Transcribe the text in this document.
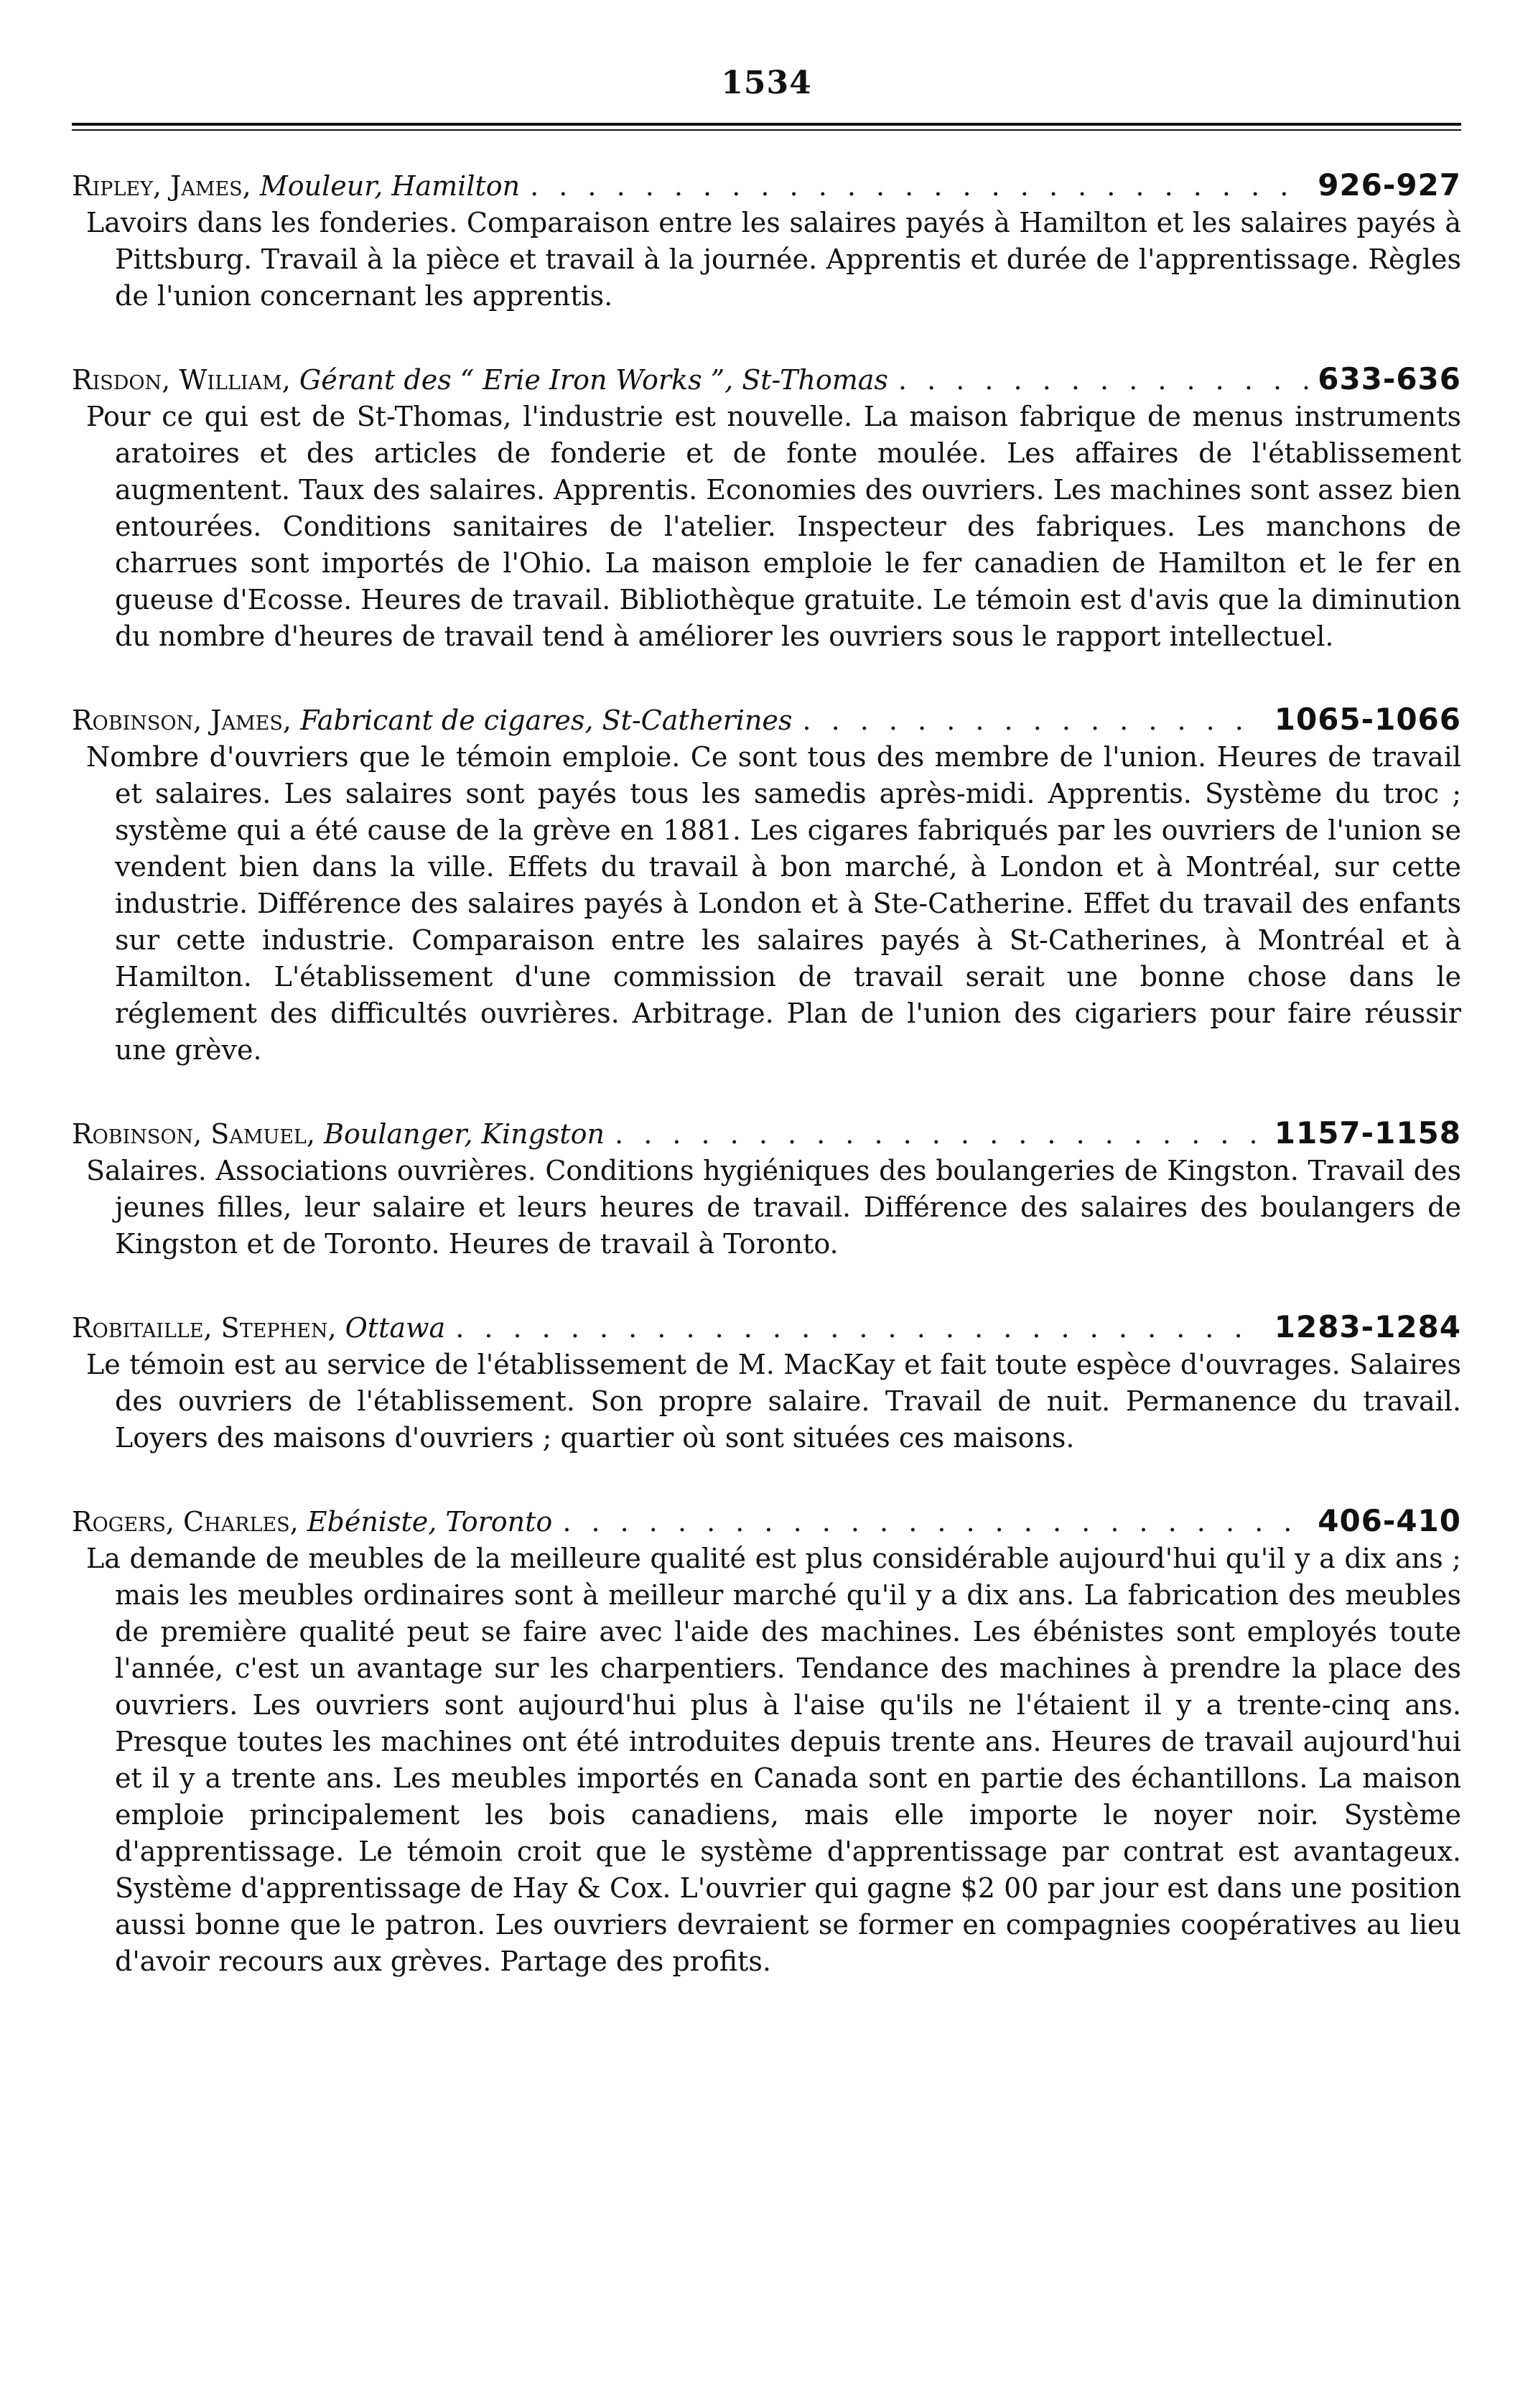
1534
Ripley, James,
Mouleur, Hamilton . . .	926-927

Lavoirs dans les fonderies. Comparaison entre les salaires payés à Hamilton et les salaires payés à Pittsburg. Travail à la pièce et travail à la journée. Apprentis et durée de l'apprentissage. Règles de l'union concernant les apprentis.

Risdon, William,
Gérant des “ Erie Iron Works ”, St-Thomas . . .	633-636

Pour ce qui est de St-Thomas, l'industrie est nouvelle. La maison fabrique de menus instruments aratoires et des articles de fonderie et de fonte moulée. Les affaires de l'établissement augmentent. Taux des salaires. Apprentis. Economies des ouvriers. Les machines sont assez bien entourées. Conditions sanitaires de l'atelier. Inspecteur des fabriques. Les manchons de charrues sont importés de l'Ohio. La maison emploie le fer canadien de Hamilton et le fer en gueuse d'Ecosse. Heures de travail. Bibliothèque gratuite. Le témoin est d'avis que la diminution du nombre d'heures de travail tend à améliorer les ouvriers sous le rapport intellectuel.

Robinson, James,
Fabricant de cigares, St-Catherines . . .	1065-1066

Nombre d'ouvriers que le témoin emploie. Ce sont tous des membre de l'union. Heures de travail et salaires. Les salaires sont payés tous les samedis après-midi. Apprentis. Système du troc ; système qui a été cause de la grève en 1881. Les cigares fabriqués par les ouvriers de l'union se vendent bien dans la ville. Effets du travail à bon marché, à London et à Montréal, sur cette industrie. Différence des salaires payés à London et à Ste-Catherine. Effet du travail des enfants sur cette industrie. Comparaison entre les salaires payés à St-Catherines, à Montréal et à Hamilton. L'établissement d'une commission de travail serait une bonne chose dans le réglement des difficultés ouvrières. Arbitrage. Plan de l'union des cigariers pour faire réussir une grève.

Robinson, Samuel,
Boulanger, Kingston . . .	1157-1158

Salaires. Associations ouvrières. Conditions hygiéniques des boulangeries de Kingston. Travail des jeunes filles, leur salaire et leurs heures de travail. Différence des salaires des boulangers de Kingston et de Toronto. Heures de travail à Toronto.

Robitaille, Stephen,
Ottawa . . .	1283-1284

Le témoin est au service de l'établissement de M. MacKay et fait toute espèce d'ouvrages. Salaires des ouvriers de l'établissement. Son propre salaire. Travail de nuit. Permanence du travail. Loyers des maisons d'ouvriers ; quartier où sont situées ces maisons.

Rogers, Charles,
Ebéniste, Toronto . . .	406-410

La demande de meubles de la meilleure qualité est plus considérable aujourd'hui qu'il y a dix ans ; mais les meubles ordinaires sont à meilleur marché qu'il y a dix ans. La fabrication des meubles de première qualité peut se faire avec l'aide des machines. Les ébénistes sont employés toute l'année, c'est un avantage sur les charpentiers. Tendance des machines à prendre la place des ouvriers. Les ouvriers sont aujourd'hui plus à l'aise qu'ils ne l'étaient il y a trente-cinq ans. Presque toutes les machines ont été introduites depuis trente ans. Heures de travail aujourd'hui et il y a trente ans. Les meubles importés en Canada sont en partie des échantillons. La maison emploie principalement les bois canadiens, mais elle importe le noyer noir. Système d'apprentissage. Le témoin croit que le système d'apprentissage par contrat est avantageux. Système d'apprentissage de Hay & Cox. L'ouvrier qui gagne $2 00 par jour est dans une position aussi bonne que le patron. Les ouvriers devraient se former en compagnies coopératives au lieu d'avoir recours aux grèves. Partage des profits.
